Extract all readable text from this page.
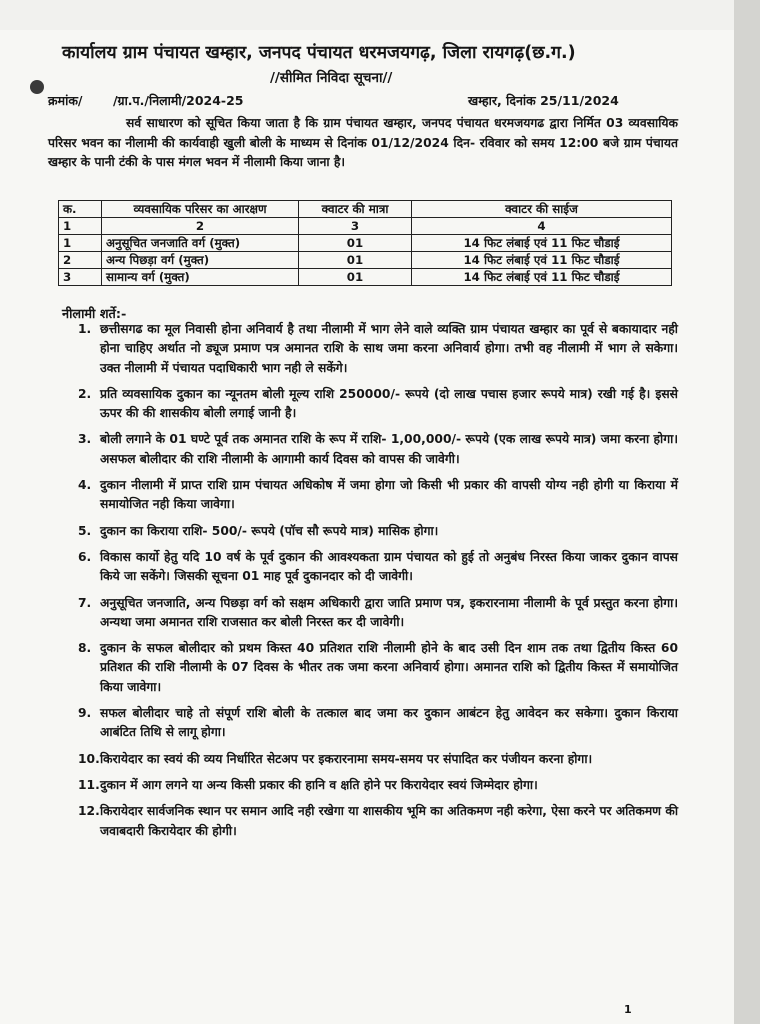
कार्यालय ग्राम पंचायत खम्हार, जनपद पंचायत धरमजयगढ़, जिला रायगढ़(छ.ग.)
//सीमित निविदा सूचना//
क्रमांक/ /ग्रा.प./निलामी/2024-25	खम्हार, दिनांक 25/11/2024
सर्व साधारण को सूचित किया जाता है कि ग्राम पंचायत खम्हार, जनपद पंचायत धरमजयगढ द्वारा निर्मित 03 व्यवसायिक परिसर भवन का नीलामी की कार्यवाही खुली बोली के माध्यम से दिनांक 01/12/2024 दिन- रविवार को समय 12:00 बजे ग्राम पंचायत खम्हार के पानी टंकी के पास मंगल भवन में नीलामी किया जाना है।
क.	व्यवसायिक परिसर का आरक्षण	क्वाटर की मात्रा	क्वाटर की साईज
1	2	3	4
1	अनुसूचित जनजाति वर्ग (मुक्त)	01	14 फिट लंबाई एवं 11 फिट चौडाई
2	अन्य पिछड़ा वर्ग (मुक्त)	01	14 फिट लंबाई एवं 11 फिट चौडाई
3	सामान्य वर्ग (मुक्त)	01	14 फिट लंबाई एवं 11 फिट चौडाई
नीलामी शर्ते:-
1. छत्तीसगढ का मूल निवासी होना अनिवार्य है तथा नीलामी में भाग लेने वाले व्यक्ति ग्राम पंचायत खम्हार का पूर्व से बकायादार नही होना चाहिए अर्थात नो ड्यूज प्रमाण पत्र अमानत राशि के साथ जमा करना अनिवार्य होगा। तभी वह नीलामी में भाग ले सकेगा। उक्त नीलामी में पंचायत पदाधिकारी भाग नही ले सकेंगे।
2. प्रति व्यवसायिक दुकान का न्यूनतम बोली मूल्य राशि 250000/- रूपये (दो लाख पचास हजार रूपये मात्र) रखी गई है। इससे ऊपर की की शासकीय बोली लगाई जानी है।
3. बोली लगाने के 01 घण्टे पूर्व तक अमानत राशि के रूप में राशि- 1,00,000/- रूपये (एक लाख रूपये मात्र) जमा करना होगा। असफल बोलीदार की राशि नीलामी के आगामी कार्य दिवस को वापस की जावेगी।
4. दुकान नीलामी में प्राप्त राशि ग्राम पंचायत अधिकोष में जमा होगा जो किसी भी प्रकार की वापसी योग्य नही होगी या किराया में समायोजित नही किया जावेगा।
5. दुकान का किराया राशि- 500/- रूपये (पॉच सौ रूपये मात्र) मासिक होगा।
6. विकास कार्यो हेतु यदि 10 वर्ष के पूर्व दुकान की आवश्यकता ग्राम पंचायत को हुई तो अनुबंध निरस्त किया जाकर दुकान वापस किये जा सकेंगे। जिसकी सूचना 01 माह पूर्व दुकानदार को दी जावेगी।
7. अनुसूचित जनजाति, अन्य पिछड़ा वर्ग को सक्षम अधिकारी द्वारा जाति प्रमाण पत्र, इकरारनामा नीलामी के पूर्व प्रस्तुत करना होगा। अन्यथा जमा अमानत राशि राजसात कर बोली निरस्त कर दी जावेगी।
8. दुकान के सफल बोलीदार को प्रथम किस्त 40 प्रतिशत राशि नीलामी होने के बाद उसी दिन शाम तक तथा द्वितीय किस्त 60 प्रतिशत की राशि नीलामी के 07 दिवस के भीतर तक जमा करना अनिवार्य होगा। अमानत राशि को द्वितीय किस्त में समायोजित किया जावेगा।
9. सफल बोलीदार चाहे तो संपूर्ण राशि बोली के तत्काल बाद जमा कर दुकान आबंटन हेतु आवेदन कर सकेगा। दुकान किराया आबंटित तिथि से लागू होगा।
10. किरायेदार का स्वयं की व्यय निर्धारित सेटअप पर इकरारनामा समय-समय पर संपादित कर पंजीयन करना होगा।
11. दुकान में आग लगने या अन्य किसी प्रकार की हानि व क्षति होने पर किरायेदार स्वयं जिम्मेदार होगा।
12. किरायेदार सार्वजनिक स्थान पर समान आदि नही रखेगा या शासकीय भूमि का अतिकमण नही करेगा, ऐसा करने पर अतिकमण की जवाबदारी किरायेदार की होगी।
1
